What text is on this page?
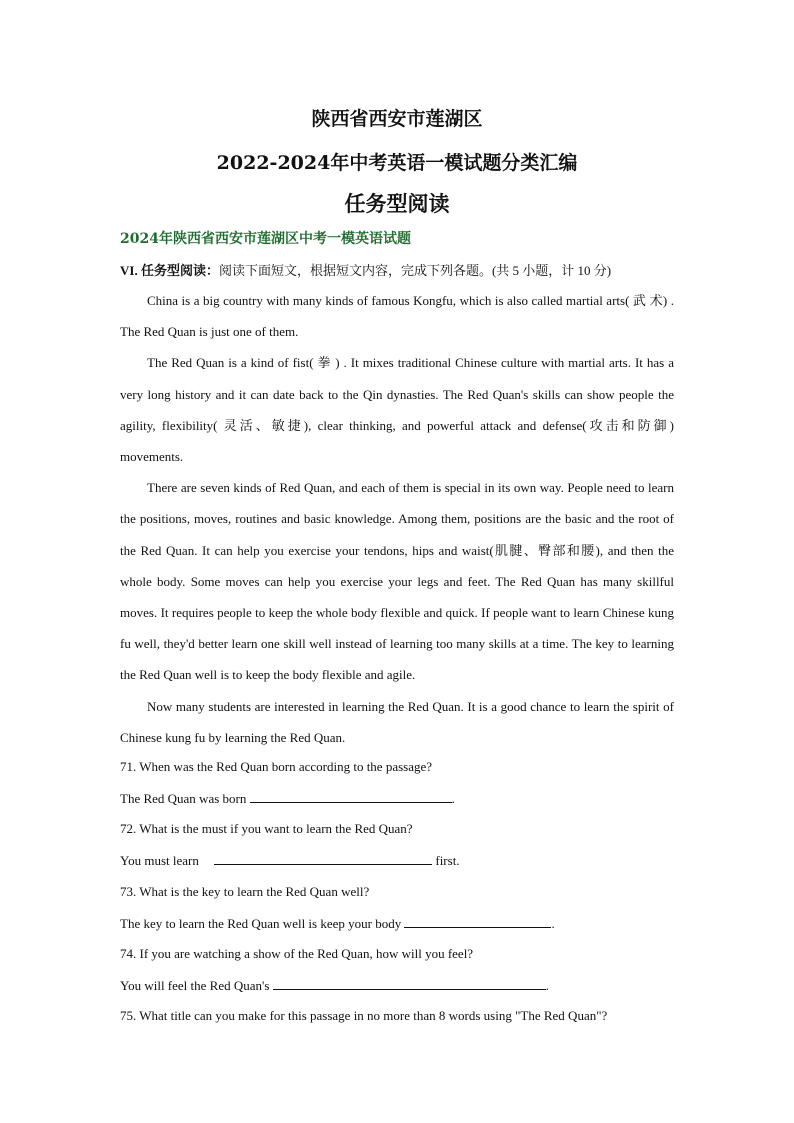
陕西省西安市莲湖区
2022-2024年中考英语一模试题分类汇编
任务型阅读
2024年陕西省西安市莲湖区中考一模英语试题
VI. 任务型阅读：阅读下面短文，根据短文内容，完成下列各题。(共 5 小题，计 10 分)

China is a big country with many kinds of famous Kongfu, which is also called martial arts( 武 术) . The Red Quan is just one of them.

The Red Quan is a kind of fist( 拳 ) . It mixes traditional Chinese culture with martial arts. It has a very long history and it can date back to the Qin dynasties. The Red Quan's skills can show people the agility, flexibility( 灵活、敏捷), clear thinking, and powerful attack and defense(攻击和防御) movements.

There are seven kinds of Red Quan, and each of them is special in its own way. People need to learn the positions, moves, routines and basic knowledge. Among them, positions are the basic and the root of the Red Quan. It can help you exercise your tendons, hips and waist(肌腱、臀部和腰), and then the whole body. Some moves can help you exercise your legs and feet. The Red Quan has many skillful moves. It requires people to keep the whole body flexible and quick. If people want to learn Chinese kung fu well, they'd better learn one skill well instead of learning too many skills at a time. The key to learning the Red Quan well is to keep the body flexible and agile.

Now many students are interested in learning the Red Quan. It is a good chance to learn the spirit of Chinese kung fu by learning the Red Quan.

71. When was the Red Quan born according to the passage?
The Red Quan was born	.
72. What is the must if you want to learn the Red Quan?
You must learn	first.
73. What is the key to learn the Red Quan well?
The key to learn the Red Quan well is keep your body	.
74. If you are watching a show of the Red Quan, how will you feel?
You will feel the Red Quan's	.
75. What title can you make for this passage in no more than 8 words using "The Red Quan"?
